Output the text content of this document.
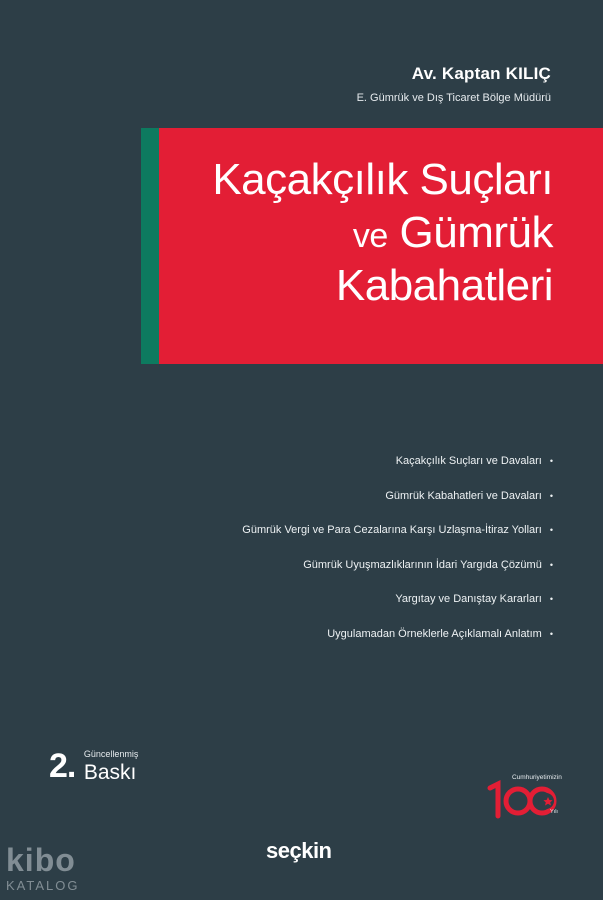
Av. Kaptan KILIÇ
E. Gümrük ve Dış Ticaret Bölge Müdürü
Kaçakçılık Suçları
ve Gümrük
Kabahatleri
Kaçakçılık Suçları ve Davaları •
Gümrük Kabahatleri ve Davaları •
Gümrük Vergi ve Para Cezalarına Karşı Uzlaşma-İtiraz Yolları •
Gümrük Uyuşmazlıklarının İdari Yargıda Çözümü •
Yargıtay ve Danıştay Kararları •
Uygulamadan Örneklerle Açıklamalı Anlatım •
2. Güncellenmiş
Baskı	Cumhuriyetimizin
Yılı
seçkin
kibo
KATALOG
